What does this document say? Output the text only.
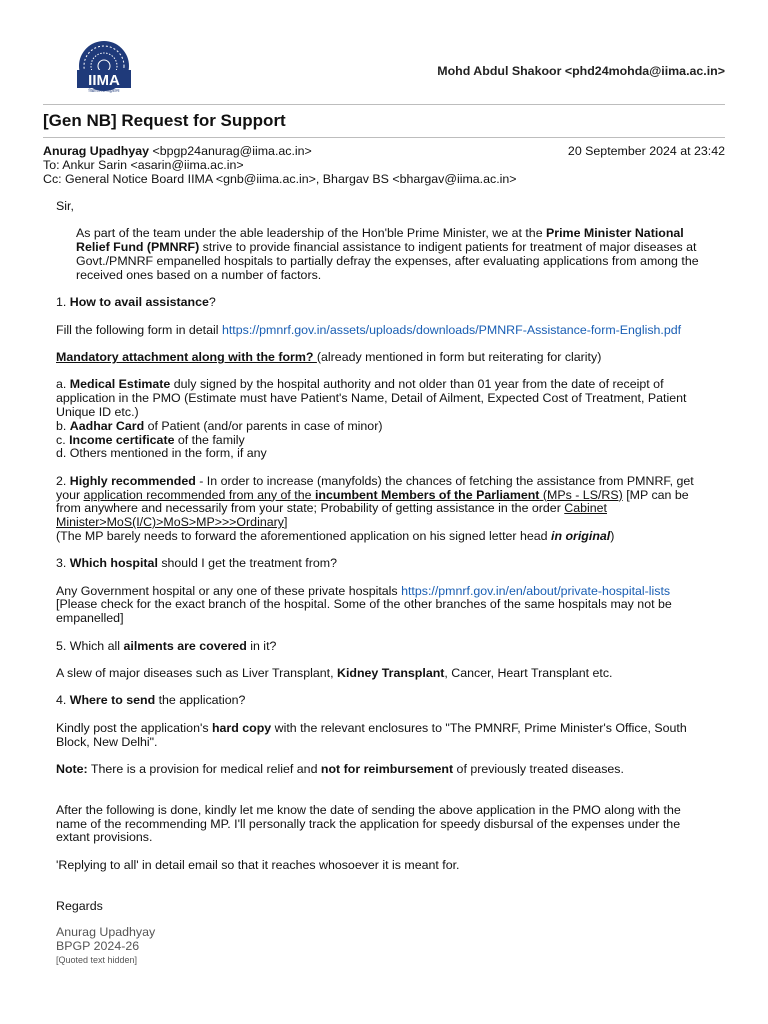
IIMA
विद्याविनियोगाद्विकासः
Mohd Abdul Shakoor <phd24mohda@iima.ac.in>
[Gen NB] Request for Support
Anurag Upadhyay <bpgp24anurag@iima.ac.in>	20 September 2024 at 23:42
To: Ankur Sarin <asarin@iima.ac.in>
Cc: General Notice Board IIMA <gnb@iima.ac.in>, Bhargav BS <bhargav@iima.ac.in>

Sir,

As part of the team under the able leadership of the Hon'ble Prime Minister, we at the Prime Minister National Relief Fund (PMNRF) strive to provide financial assistance to indigent patients for treatment of major diseases at Govt./PMNRF empanelled hospitals to partially defray the expenses, after evaluating applications from among the received ones based on a number of factors.

1. How to avail assistance?

Fill the following form in detail https://pmnrf.gov.in/assets/uploads/downloads/PMNRF-Assistance-form-English.pdf

Mandatory attachment along with the form? (already mentioned in form but reiterating for clarity)

a. Medical Estimate duly signed by the hospital authority and not older than 01 year from the date of receipt of application in the PMO (Estimate must have Patient's Name, Detail of Ailment, Expected Cost of Treatment, Patient Unique ID etc.)
b. Aadhar Card of Patient (and/or parents in case of minor)
c. Income certificate of the family
d. Others mentioned in the form, if any

2. Highly recommended - In order to increase (manyfolds) the chances of fetching the assistance from PMNRF, get your application recommended from any of the incumbent Members of the Parliament (MPs - LS/RS) [MP can be from anywhere and necessarily from your state; Probability of getting assistance in the order Cabinet Minister>MoS(I/C)>MoS>MP>>>Ordinary]
(The MP barely needs to forward the aforementioned application on his signed letter head in original)

3. Which hospital should I get the treatment from?

Any Government hospital or any one of these private hospitals https://pmnrf.gov.in/en/about/private-hospital-lists
[Please check for the exact branch of the hospital. Some of the other branches of the same hospitals may not be empanelled]

5. Which all ailments are covered in it?

A slew of major diseases such as Liver Transplant, Kidney Transplant, Cancer, Heart Transplant etc.

4. Where to send the application?

Kindly post the application's hard copy with the relevant enclosures to "The PMNRF, Prime Minister's Office, South Block, New Delhi".

Note: There is a provision for medical relief and not for reimbursement of previously treated diseases.

After the following is done, kindly let me know the date of sending the above application in the PMO along with the name of the recommending MP. I'll personally track the application for speedy disbursal of the expenses under the extant provisions.

'Replying to all' in detail email so that it reaches whosoever it is meant for.

Regards

Anurag Upadhyay
BPGP 2024-26
[Quoted text hidden]
